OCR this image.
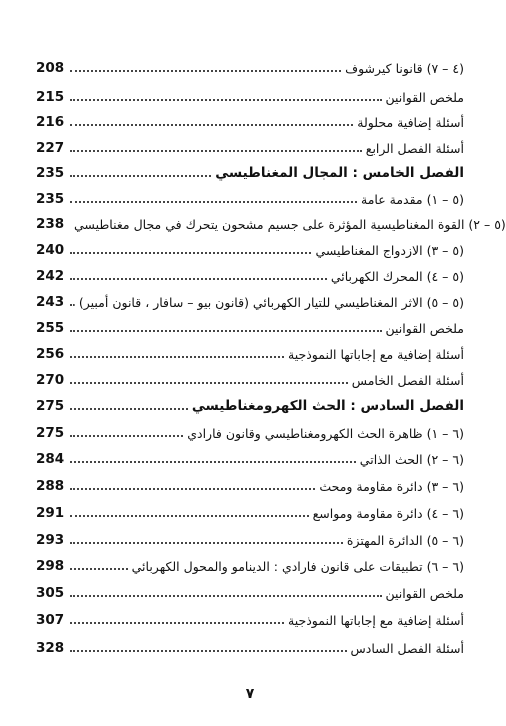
208	(٤ – ٧) قانونا كيرشوف
215	ملخص القوانين
216	أسئلة إضافية محلولة
227	أسئلة الفصل الرابع
235	الفصل الخامس : المجال المغناطيسي
235	(٥ – ١) مقدمة عامة
238 (٥ – ٢) القوة المغناطيسية المؤثرة على جسيم مشحون يتحرك في مجال مغناطيسي
240	(٥ – ٣) الازدواج المغناطيسي
242	(٥ – ٤) المحرك الكهربائي
243 (٥ – ٥) الاثر المغناطيسي للتيار الكهربائي (قانون بيو – سافار ، قانون أمبير)
255	ملخص القوانين
256	أسئلة إضافية مع إجاباتها النموذجية
270	أسئلة الفصل الخامس
275	الفصل السادس : الحث الكهرومغناطيسي
275	(٦ – ١) ظاهرة الحث الكهرومغناطيسي وقانون فارادي
284	(٦ – ٢) الحث الذاتي
288	(٦ – ٣) دائرة مقاومة ومحث
291	(٦ – ٤) دائرة مقاومة ومواسع
293	(٦ – ٥) الدائرة المهتزة
298	(٦ – ٦) تطبيقات على قانون فارادي : الدينامو والمحول الكهربائي
305	ملخص القوانين
307	أسئلة إضافية مع إجاباتها النموذجية
328	أسئلة الفصل السادس
٧
